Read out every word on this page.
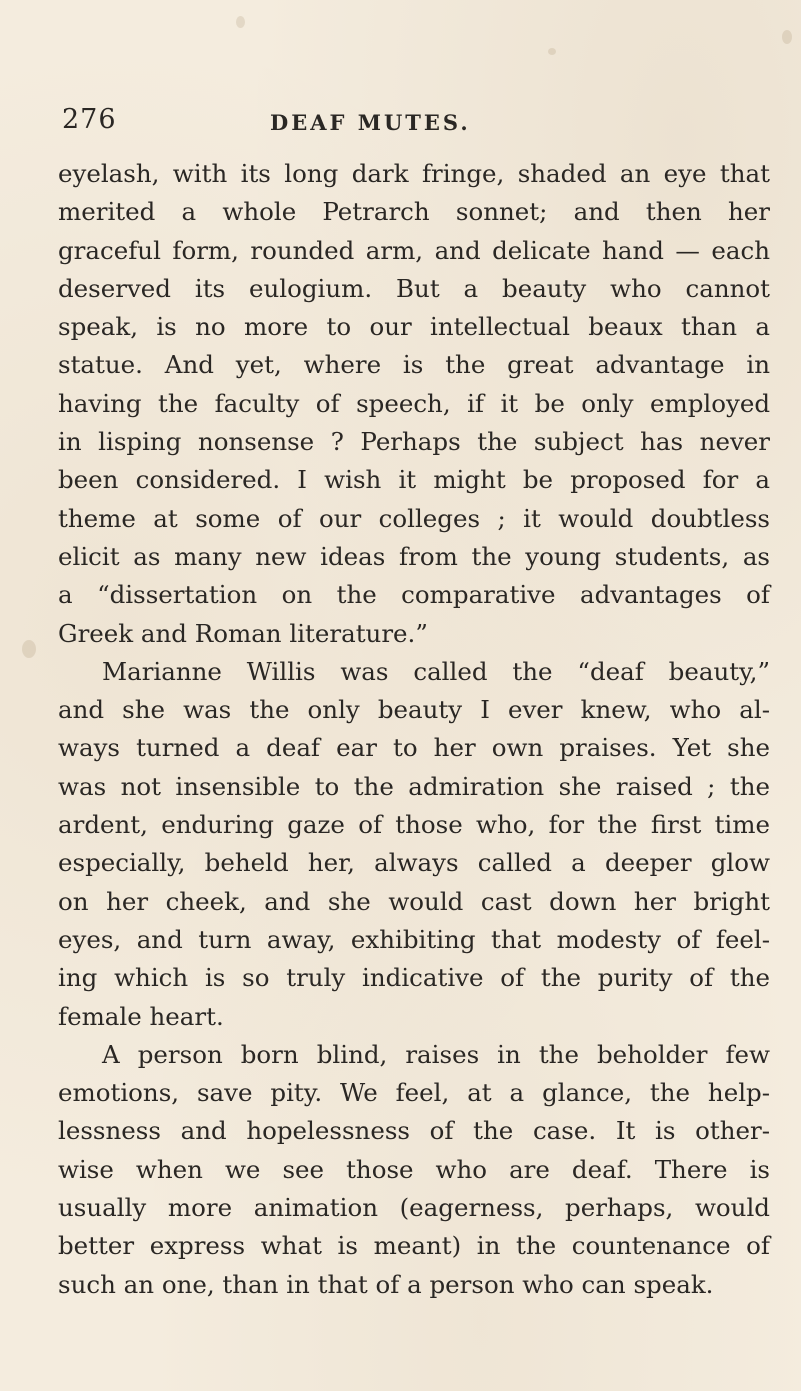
276	DEAF MUTES.
eyelash, with its long dark fringe, shaded an eye that
merited a whole Petrarch sonnet; and then her
graceful form, rounded arm, and delicate hand — each
deserved its eulogium. But a beauty who cannot
speak, is no more to our intellectual beaux than a
statue. And yet, where is the great advantage in
having the faculty of speech, if it be only employed
in lisping nonsense ? Perhaps the subject has never
been considered. I wish it might be proposed for a
theme at some of our colleges ; it would doubtless
elicit as many new ideas from the young students, as
a “dissertation on the comparative advantages of
Greek and Roman literature.”
Marianne Willis was called the “deaf beauty,”
and she was the only beauty I ever knew, who al-
ways turned a deaf ear to her own praises. Yet she
was not insensible to the admiration she raised ; the
ardent, enduring gaze of those who, for the first time
especially, beheld her, always called a deeper glow
on her cheek, and she would cast down her bright
eyes, and turn away, exhibiting that modesty of feel-
ing which is so truly indicative of the purity of the
female heart.
A person born blind, raises in the beholder few
emotions, save pity. We feel, at a glance, the help-
lessness and hopelessness of the case. It is other-
wise when we see those who are deaf. There is
usually more animation (eagerness, perhaps, would
better express what is meant) in the countenance of
such an one, than in that of a person who can speak.
